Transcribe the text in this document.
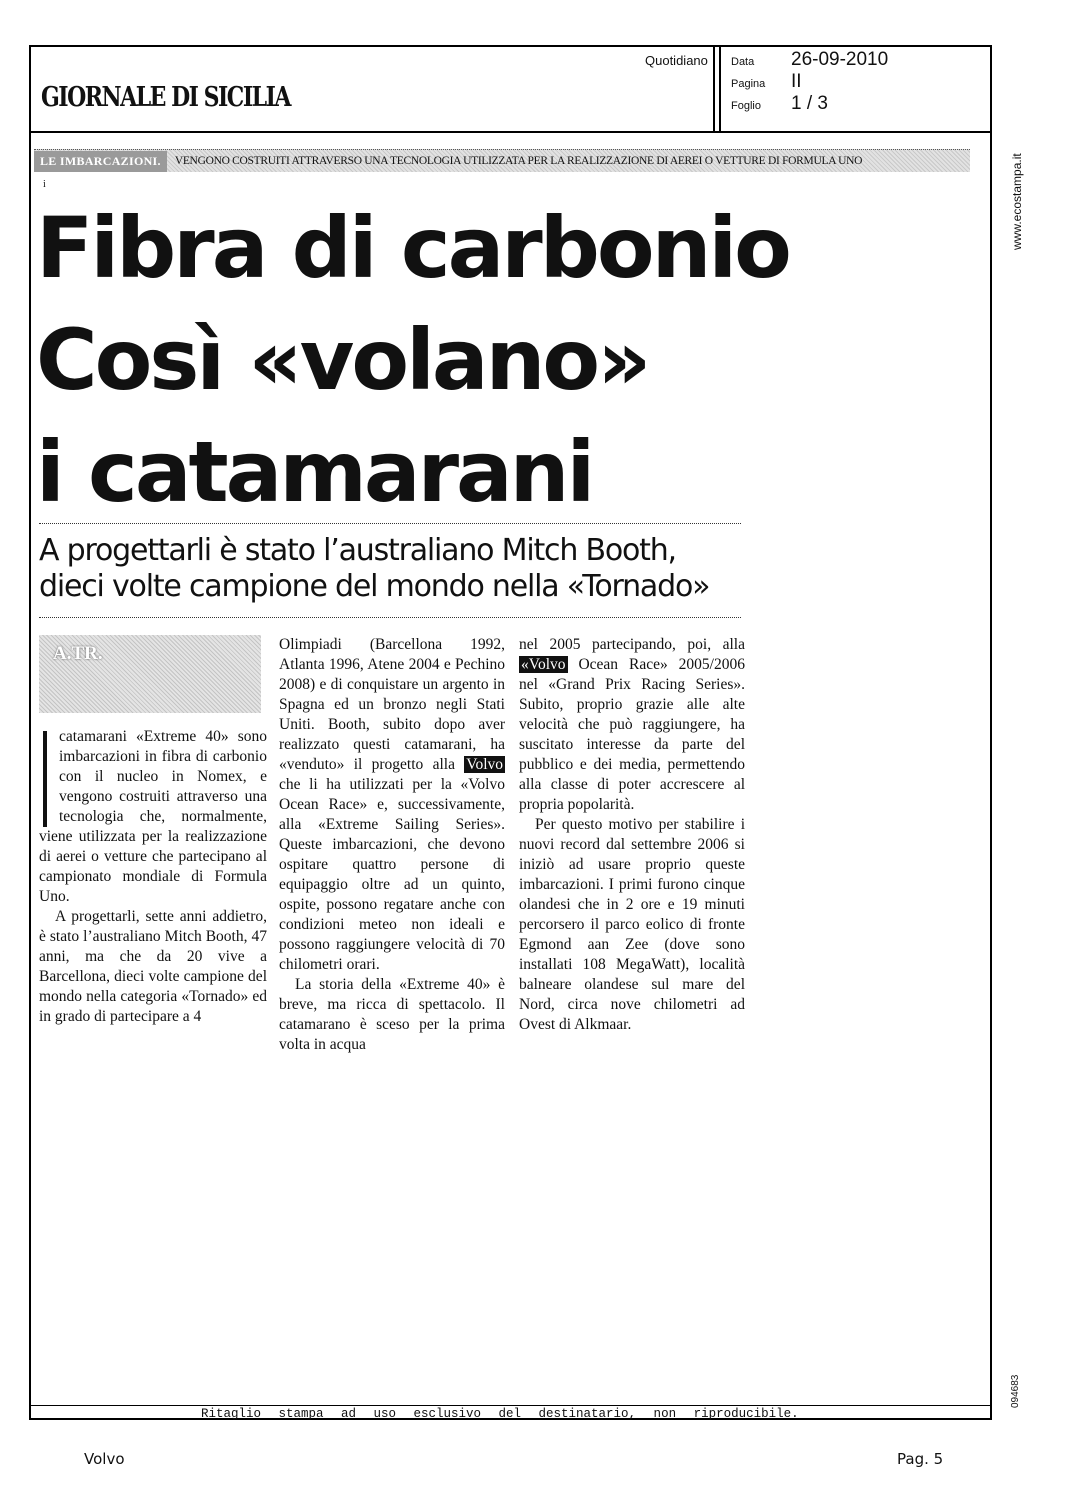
GIORNALE DI SICILIA
Quotidiano Data	26-09-2010
Pagina	II
Foglio	1 / 3
LE IMBARCAZIONI.	VENGONO COSTRUITI ATTRAVERSO UNA TECNOLOGIA UTILIZZATA PER LA REALIZZAZIONE DI AEREI O VETTURE DI FORMULA UNO
i
Fibra di carbonio
Così «volano»
i catamarani
A progettarli è stato l’australiano Mitch Booth,
dieci volte campione del mondo nella «Tornado»
A.TR.

catamarani «Extreme 40» sono imbarcazioni in fibra di carbonio con il nucleo in Nomex, e vengono costruiti attraverso una tecnologia che, normalmente, viene utilizzata per la realizzazione di aerei o vetture che partecipano al campionato mondiale di Formula Uno.

A progettarli, sette anni addietro, è stato l’australiano Mitch Booth, 47 anni, ma che da 20 vive a Barcellona, dieci volte campione del mondo nella categoria «Tornado» ed in grado di partecipare a 4

Olimpiadi (Barcellona 1992, Atlanta 1996, Atene 2004 e Pechino 2008) e di conquistare un argento in Spagna ed un bronzo negli Stati Uniti. Booth, subito dopo aver realizzato questi catamarani, ha «venduto» il progetto alla Volvo che li ha utilizzati per la «Volvo Ocean Race» e, successivamente, alla «Extreme Sailing Series». Queste imbarcazioni, che devono ospitare quattro persone di equipaggio oltre ad un quinto, ospite, possono regatare anche con condizioni meteo non ideali e possono raggiungere velocità di 70 chilometri orari.

La storia della «Extreme 40» è breve, ma ricca di spettacolo. Il catamarano è sceso per la prima volta in acqua

nel 2005 partecipando, poi, alla «Volvo Ocean Race» 2005/2006 nel «Grand Prix Racing Series». Subito, proprio grazie alle alte velocità che può raggiungere, ha suscitato interesse da parte del pubblico e dei media, permettendo alla classe di poter accrescere al propria popolarità.

Per questo motivo per stabilire i nuovi record dal settembre 2006 si iniziò ad usare proprio queste imbarcazioni. I primi furono cinque olandesi che in 2 ore e 19 minuti percorsero il parco eolico di fronte Egmond aan Zee (dove sono installati 108 MegaWatt), località balneare olandese sul mare del Nord, circa nove chilometri ad Ovest di Alkmaar.

Ritaglio stampa ad uso esclusivo del destinatario, non riproducibile.
www.ecostampa.it
094683
Volvo	Pag. 5
